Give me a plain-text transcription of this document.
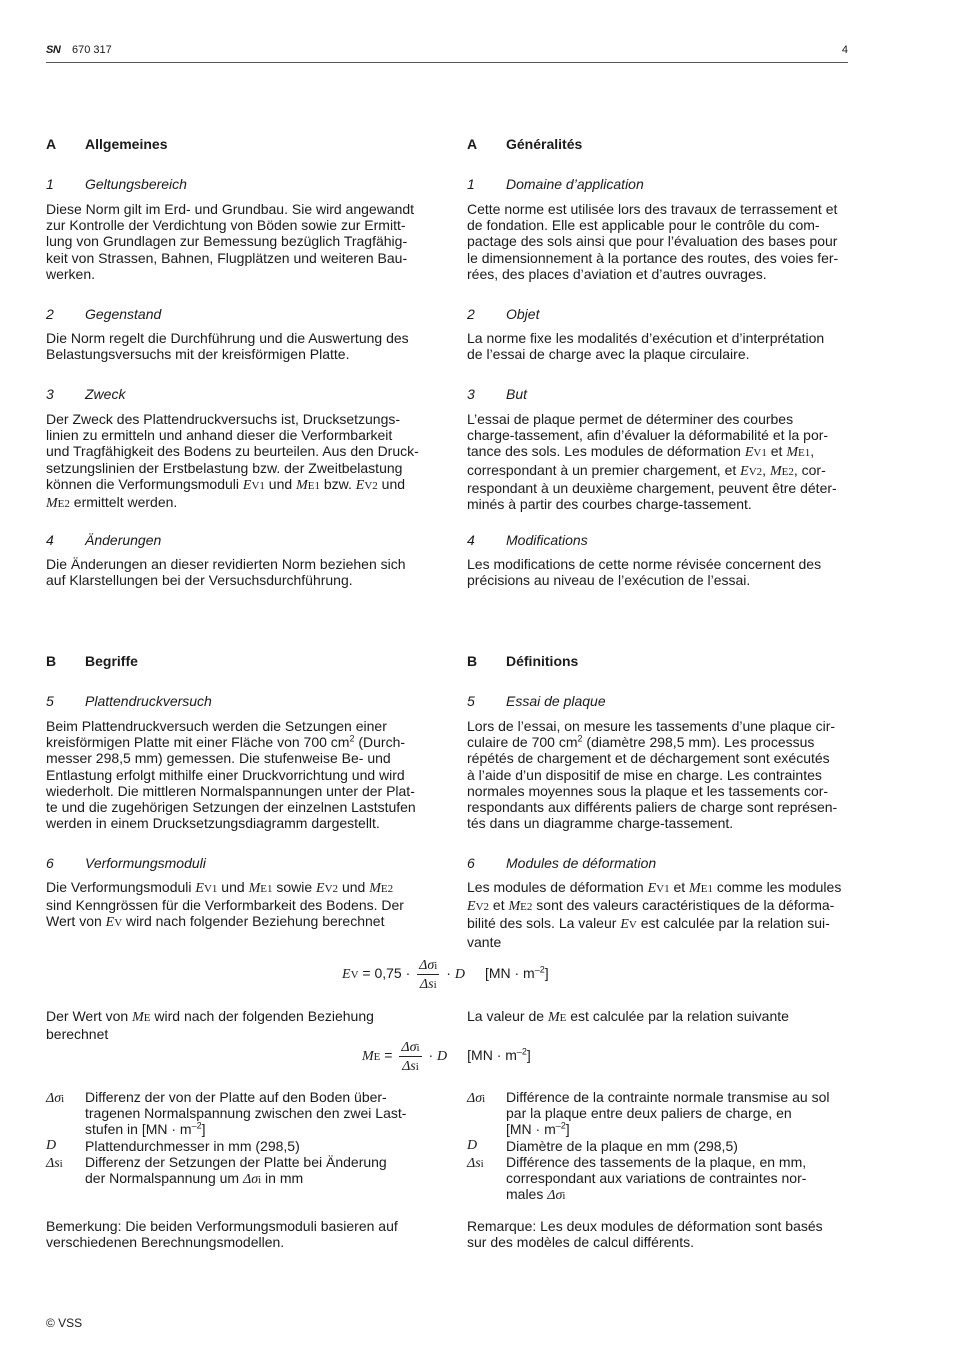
SN 670 317	4
A Allgemeines
1 Geltungsbereich
Diese Norm gilt im Erd- und Grundbau. Sie wird angewandt
zur Kontrolle der Verdichtung von Böden sowie zur Ermitt-
lung von Grundlagen zur Bemessung bezüglich Tragfähig-
keit von Strassen, Bahnen, Flugplätzen und weiteren Bau-
werken.
2 Gegenstand
Die Norm regelt die Durchführung und die Auswertung des
Belastungsversuchs mit der kreisförmigen Platte.
3 Zweck
Der Zweck des Plattendruckversuchs ist, Drucksetzungs-
linien zu ermitteln und anhand dieser die Verformbarkeit
und Tragfähigkeit des Bodens zu beurteilen. Aus den Druck-
setzungslinien der Erstbelastung bzw. der Zweitbelastung
können die Verformungsmoduli EV1 und ME1 bzw. EV2 und
ME2 ermittelt werden.
4 Änderungen
Die Änderungen an dieser revidierten Norm beziehen sich
auf Klarstellungen bei der Versuchsdurchführung.
B Begriffe
5 Plattendruckversuch
Beim Plattendruckversuch werden die Setzungen einer
kreisförmigen Platte mit einer Fläche von 700 $cm^2$ (Durch-
messer 298,5 mm) gemessen. Die stufenweise Be- und
Entlastung erfolgt mithilfe einer Druckvorrichtung und wird
wiederholt. Die mittleren Normalspannungen unter der Plat-
te und die zugehörigen Setzungen der einzelnen Laststufen
werden in einem Drucksetzungsdiagramm dargestellt.
6 Verformungsmoduli
Die Verformungsmoduli EV1 und ME1 sowie EV2 und ME2
sind Kenngrössen für die Verformbarkeit des Bodens. Der
Wert von EV wird nach folgender Beziehung berechnet
Der Wert von ME wird nach der folgenden Beziehung
berechnet
Δσi Differenz der von der Platte auf den Boden über-
tragenen Normalspannung zwischen den zwei Last-
stufen in $[MN \cdot m^{-2}]$
D Plattendurchmesser in mm (298,5)
Δsi Differenz der Setzungen der Platte bei Änderung
der Normalspannung um Δσi in mm
Bemerkung: Die beiden Verformungsmoduli basieren auf
verschiedenen Berechnungsmodellen.
A Généralités
1 Domaine d’application
Cette norme est utilisée lors des travaux de terrassement et
de fondation. Elle est applicable pour le contrôle du com-
pactage des sols ainsi que pour l’évaluation des bases pour
le dimensionnement à la portance des routes, des voies fer-
rées, des places d’aviation et d’autres ouvrages.
2 Objet
La norme fixe les modalités d’exécution et d’interprétation
de l’essai de charge avec la plaque circulaire.
3 But
L’essai de plaque permet de déterminer des courbes
charge-tassement, afin d’évaluer la déformabilité et la por-
tance des sols. Les modules de déformation EV1 et ME1,
correspondant à un premier chargement, et EV2, ME2, cor-
respondant à un deuxième chargement, peuvent être déter-
minés à partir des courbes charge-tassement.
4 Modifications
Les modifications de cette norme révisée concernent des
précisions au niveau de l’exécution de l’essai.
B Définitions
5 Essai de plaque
Lors de l’essai, on mesure les tassements d’une plaque cir-
culaire de 700 $cm^2$ (diamètre 298,5 mm). Les processus
répétés de chargement et de déchargement sont exécutés
à l’aide d’un dispositif de mise en charge. Les contraintes
normales moyennes sous la plaque et les tassements cor-
respondants aux différents paliers de charge sont représen-
tés dans un diagramme charge-tassement.
6 Modules de déformation
Les modules de déformation EV1 et ME1 comme les modules
EV2 et ME2 sont des valeurs caractéristiques de la déforma-
bilité des sols. La valeur EV est calculée par la relation sui-
vante
La valeur de ME est calculée par la relation suivante
Δσi Différence de la contrainte normale transmise au sol
par la plaque entre deux paliers de charge, en
$[MN \cdot m^{-2}]$
D Diamètre de la plaque en mm (298,5)
Δsi Différence des tassements de la plaque, en mm,
correspondant aux variations de contraintes nor-
males Δσi
Remarque: Les deux modules de déformation sont basés
sur des modèles de calcul différents.
EV = $0,75 \cdot \frac{\text{Δσi}}{\text{Δsi}} \cdot D$ $[MN \cdot m^{-2}]$
ME = $\frac{\text{Δσi}}{\text{Δsi}} \cdot D$ $[MN \cdot m^{-2}]$
© VSS
